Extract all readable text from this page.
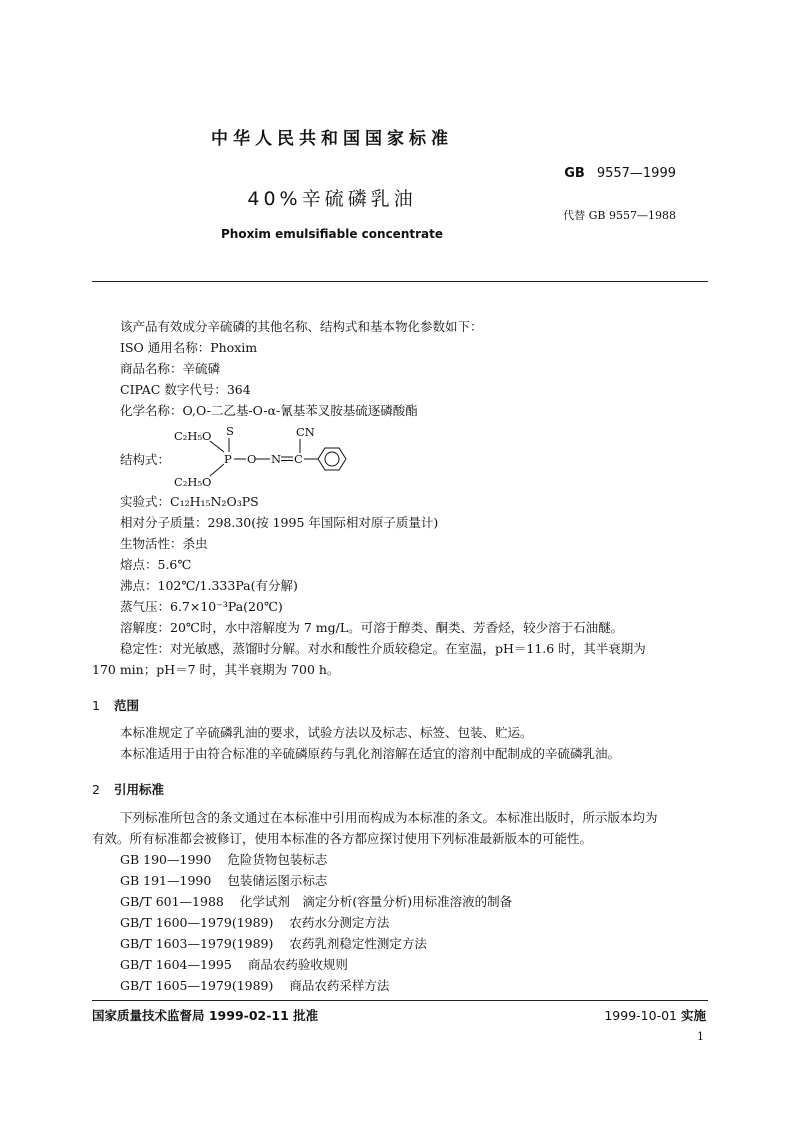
中华人民共和国国家标准
GB 9557—1999
40%辛硫磷乳油
代替 GB 9557—1988
Phoxim emulsifiable concentrate
该产品有效成分辛硫磷的其他名称、结构式和基本物化参数如下：
ISO 通用名称：Phoxim
商品名称：辛硫磷
CIPAC 数字代号：364
化学名称：O,O-二乙基-O-α-氰基苯叉胺基硫逐磷酸酯
结构式：
C₂H₅O S
P O N C
CN
C₂H₅O
实验式：C₁₂H₁₅N₂O₃PS
相对分子质量：298.30(按 1995 年国际相对原子质量计)
生物活性：杀虫
熔点：5.6℃
沸点：102℃/1.333Pa(有分解)
蒸气压：6.7×10⁻³Pa(20℃)
溶解度：20℃时，水中溶解度为 7 mg/L。可溶于醇类、酮类、芳香烃，较少溶于石油醚。
稳定性：对光敏感，蒸馏时分解。对水和酸性介质较稳定。在室温，pH＝11.6 时，其半衰期为
170 min；pH＝7 时，其半衰期为 700 h。
1 范围
本标准规定了辛硫磷乳油的要求，试验方法以及标志、标签、包装、贮运。
本标准适用于由符合标准的辛硫磷原药与乳化剂溶解在适宜的溶剂中配制成的辛硫磷乳油。
2 引用标准
下列标准所包含的条文通过在本标准中引用而构成为本标准的条文。本标准出版时，所示版本均为
有效。所有标准都会被修订，使用本标准的各方都应探讨使用下列标准最新版本的可能性。
GB 190—1990 危险货物包装标志
GB 191—1990 包装储运图示标志
GB/T 601—1988 化学试剂　滴定分析(容量分析)用标准溶液的制备
GB/T 1600—1979(1989) 农药水分测定方法
GB/T 1603—1979(1989) 农药乳剂稳定性测定方法
GB/T 1604—1995 商品农药验收规则
GB/T 1605—1979(1989) 商品农药采样方法
国家质量技术监督局 1999-02-11 批准	1999-10-01 实施
1
